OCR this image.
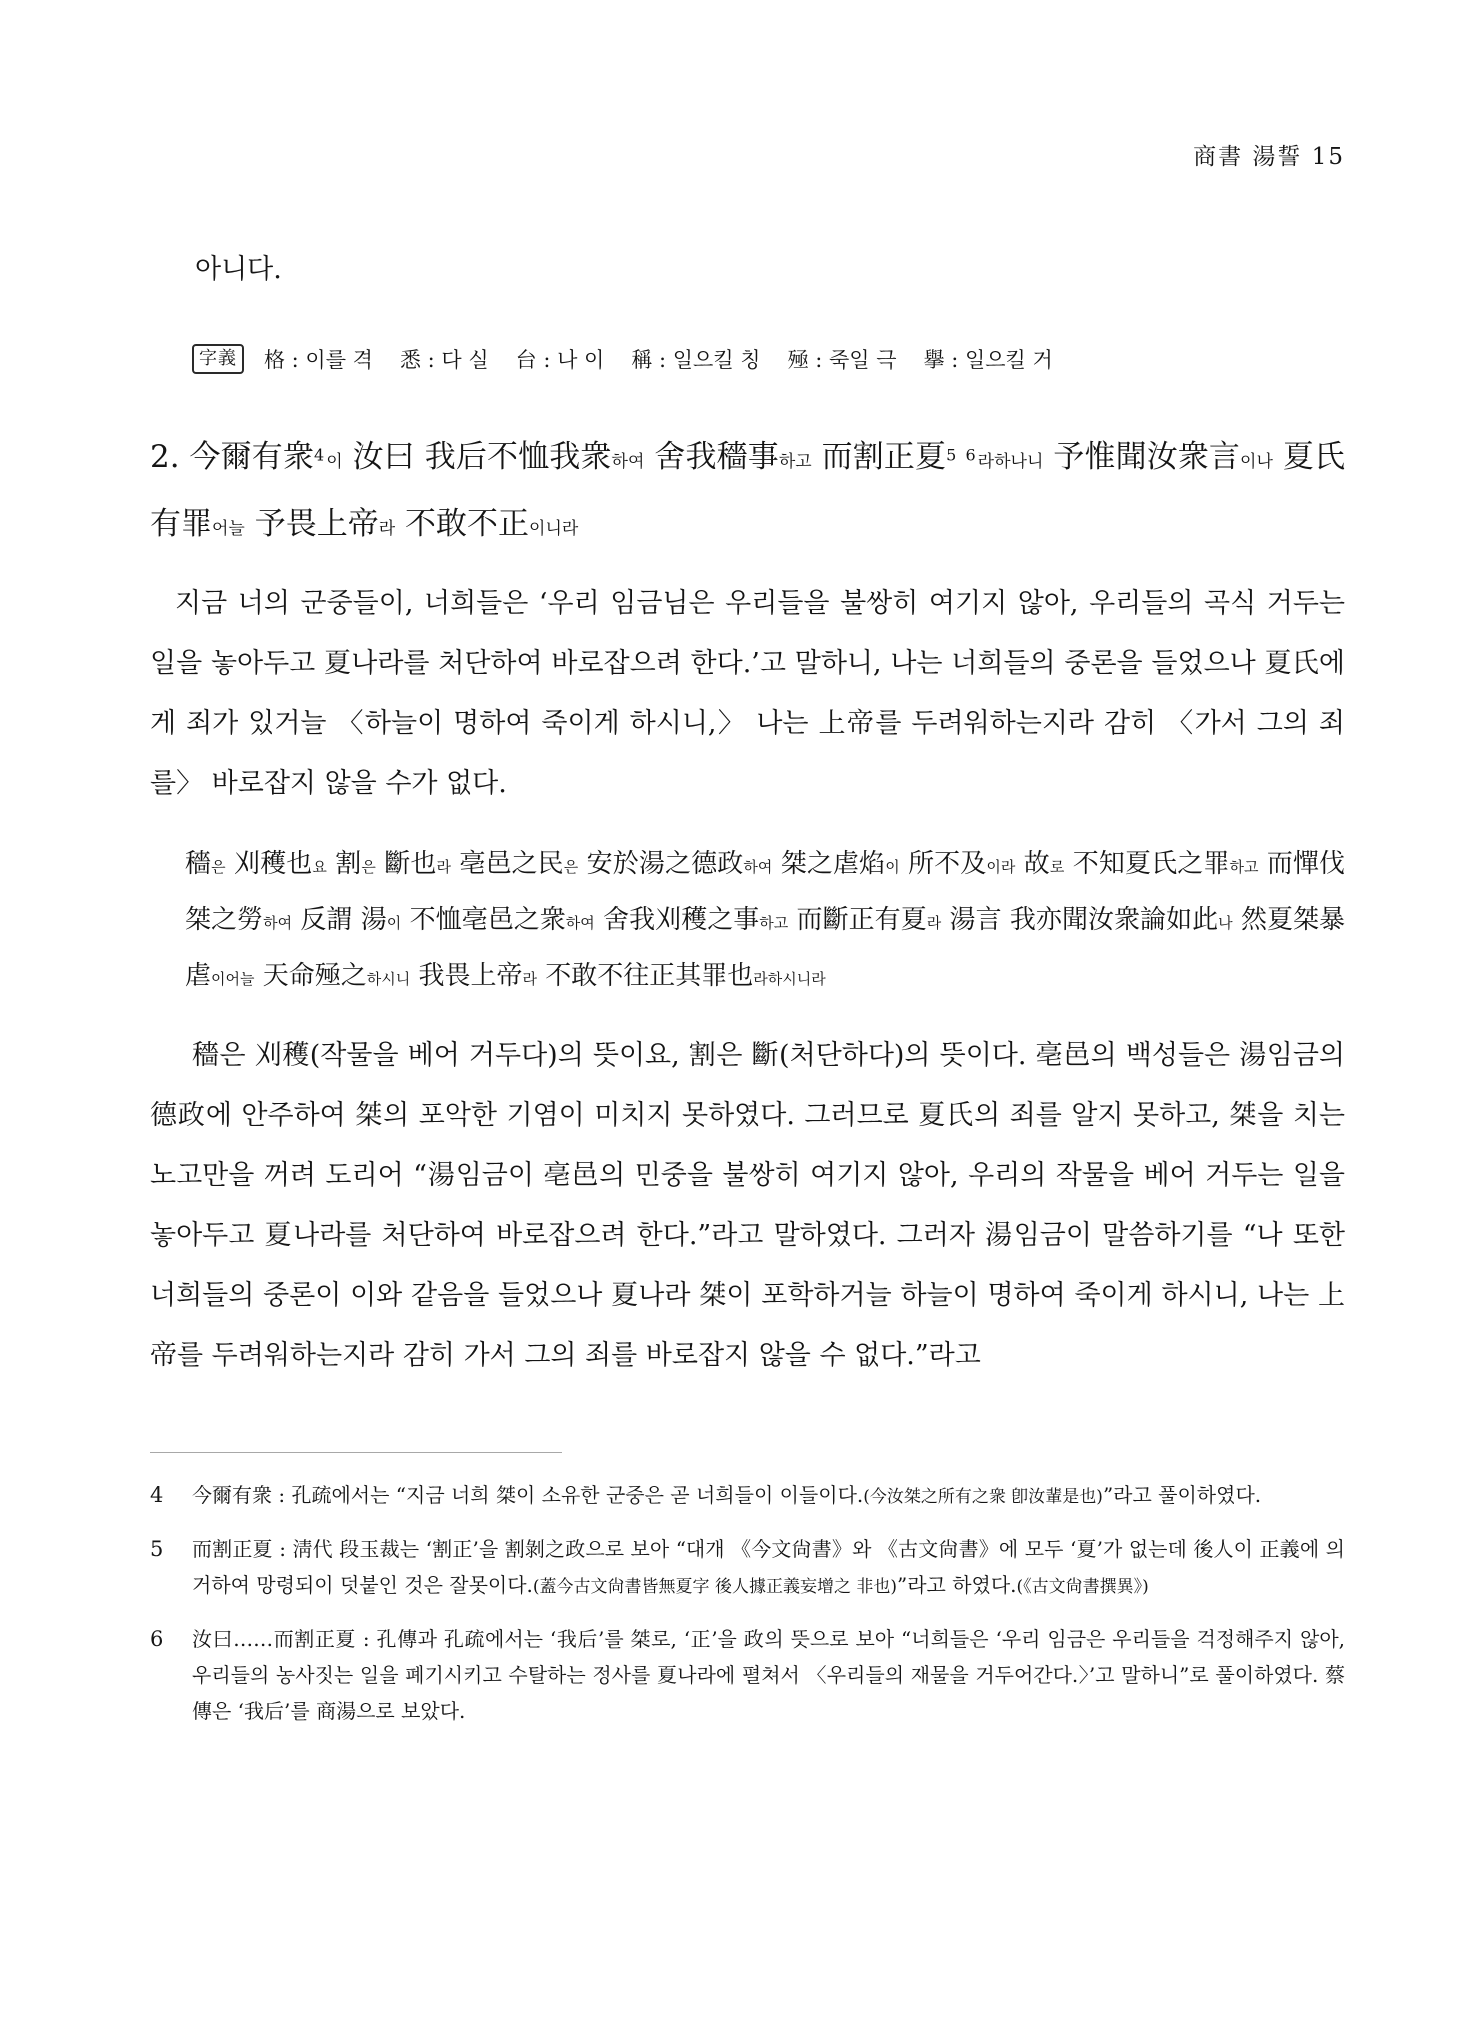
商書 湯誓 15

아니다.

字義	格 : 이를 격 悉 : 다 실 台 : 나 이 稱 : 일으킬 칭 殛 : 죽일 극 擧 : 일으킬 거

2. 今爾有衆4이 汝曰 我后不恤我衆하여 舍我穡事하고 而割正夏5 6라하나니 予惟聞汝衆言이나 夏氏有罪어늘 予畏上帝라 不敢不正이니라

지금 너의 군중들이, 너희들은 ‘우리 임금님은 우리들을 불쌍히 여기지 않아, 우리들의 곡식 거두는 일을 놓아두고 夏나라를 처단하여 바로잡으려 한다.’고 말하니, 나는 너희들의 중론을 들었으나 夏氏에게 죄가 있거늘 〈하늘이 명하여 죽이게 하시니,〉 나는 上帝를 두려워하는지라 감히 〈가서 그의 죄를〉 바로잡지 않을 수가 없다.

穡은 刈穫也요 割은 斷也라 亳邑之民은 安於湯之德政하여 桀之虐焰이 所不及이라 故로 不知夏氏之罪하고 而憚伐桀之勞하여 反謂 湯이 不恤亳邑之衆하여 舍我刈穫之事하고 而斷正有夏라 湯言 我亦聞汝衆論如此나 然夏桀暴虐이어늘 天命殛之하시니 我畏上帝라 不敢不往正其罪也라하시니라

穡은 刈穫(작물을 베어 거두다)의 뜻이요, 割은 斷(처단하다)의 뜻이다. 亳邑의 백성들은 湯임금의 德政에 안주하여 桀의 포악한 기염이 미치지 못하였다. 그러므로 夏氏의 죄를 알지 못하고, 桀을 치는 노고만을 꺼려 도리어 “湯임금이 亳邑의 민중을 불쌍히 여기지 않아, 우리의 작물을 베어 거두는 일을 놓아두고 夏나라를 처단하여 바로잡으려 한다.”라고 말하였다. 그러자 湯임금이 말씀하기를 “나 또한 너희들의 중론이 이와 같음을 들었으나 夏나라 桀이 포학하거늘 하늘이 명하여 죽이게 하시니, 나는 上帝를 두려워하는지라 감히 가서 그의 죄를 바로잡지 않을 수 없다.”라고

4	今爾有衆 : 孔疏에서는 “지금 너희 桀이 소유한 군중은 곧 너희들이 이들이다.(今汝桀之所有之衆 卽汝輩是也)”라고 풀이하였다.
5	而割正夏 : 淸代 段玉裁는 ‘割正’을 割剝之政으로 보아 “대개 《今文尙書》와 《古文尙書》에 모두 ‘夏’가 없는데 後人이 正義에 의거하여 망령되이 덧붙인 것은 잘못이다.(蓋今古文尙書皆無夏字 後人據正義妄增之 非也)”라고 하였다.(《古文尙書撰異》)
6	汝曰……而割正夏 : 孔傳과 孔疏에서는 ‘我后’를 桀로, ‘正’을 政의 뜻으로 보아 “너희들은 ‘우리 임금은 우리들을 걱정해주지 않아, 우리들의 농사짓는 일을 폐기시키고 수탈하는 정사를 夏나라에 펼쳐서 〈우리들의 재물을 거두어간다.〉’고 말하니”로 풀이하였다. 蔡傳은 ‘我后’를 商湯으로 보았다.
